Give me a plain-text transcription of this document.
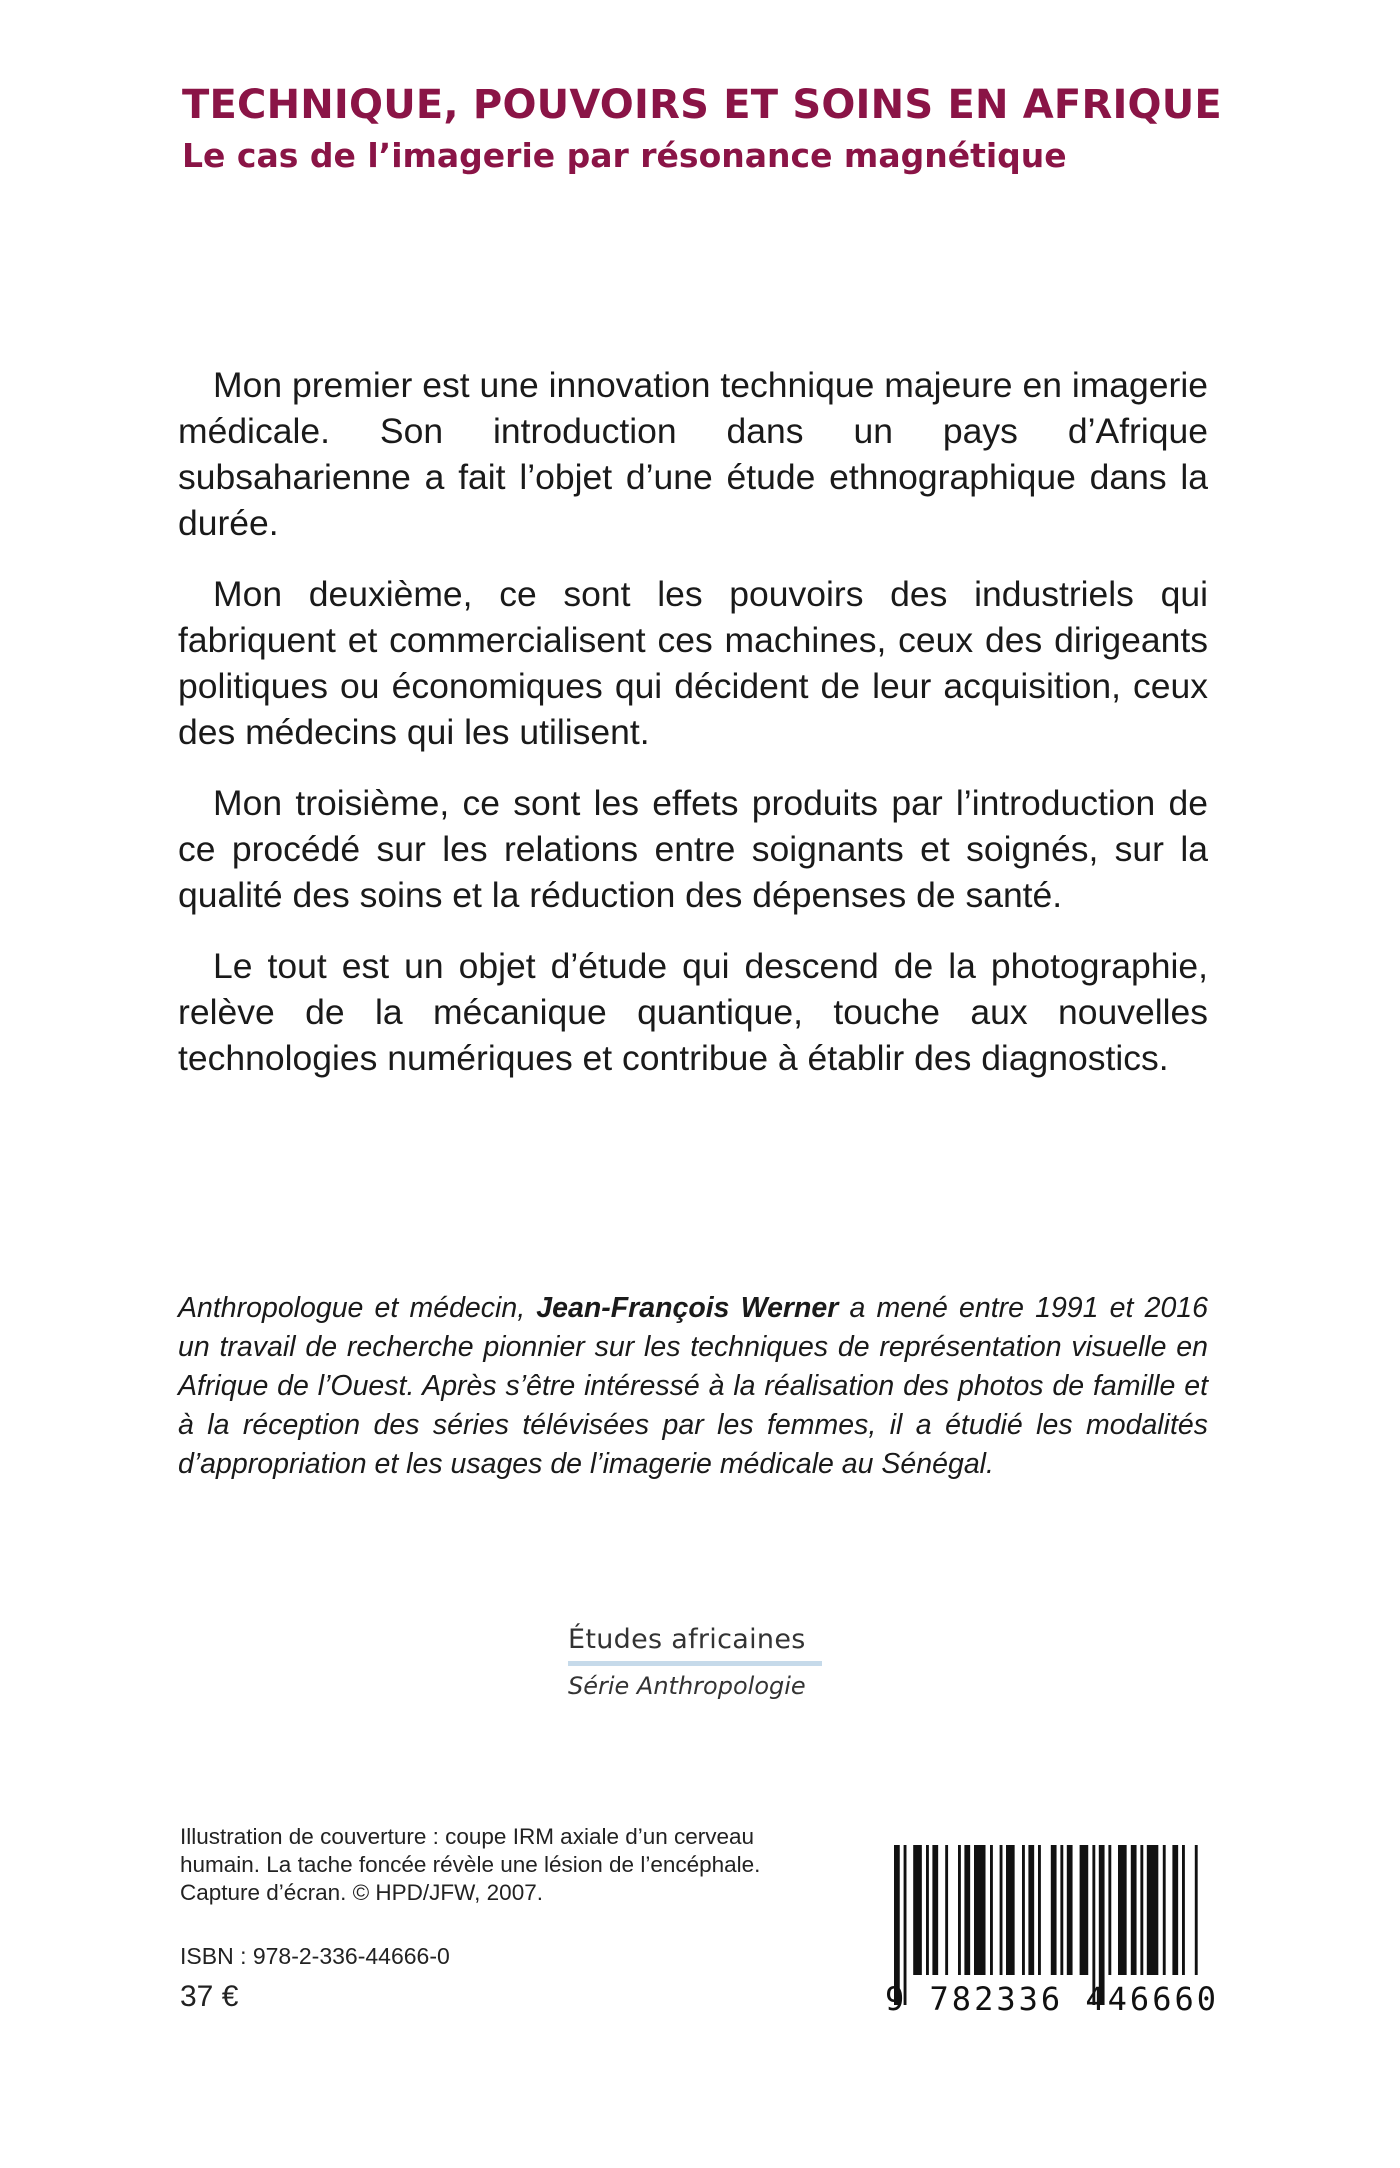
TECHNIQUE, POUVOIRS ET SOINS EN AFRIQUE
Le cas de l’imagerie par résonance magnétique

Mon premier est une innovation technique majeure en imagerie médicale. Son introduction dans un pays d’Afrique subsaharienne a fait l’objet d’une étude ethnographique dans la durée.

Mon deuxième, ce sont les pouvoirs des industriels qui fabriquent et commercialisent ces machines, ceux des dirigeants politiques ou économiques qui décident de leur acquisition, ceux des médecins qui les utilisent.

Mon troisième, ce sont les effets produits par l’introduction de ce procédé sur les relations entre soignants et soignés, sur la qualité des soins et la réduction des dépenses de santé.

Le tout est un objet d’étude qui descend de la photographie, relève de la mécanique quantique, touche aux nouvelles technologies numériques et contribue à établir des diagnostics.

Anthropologue et médecin, Jean-François Werner a mené entre 1991 et 2016 un travail de recherche pionnier sur les techniques de représentation visuelle en Afrique de l’Ouest. Après s’être intéressé à la réalisation des photos de famille et à la réception des séries télévisées par les femmes, il a étudié les modalités d’appropriation et les usages de l’imagerie médicale au Sénégal.

Études africaines
Série Anthropologie

Illustration de couverture : coupe IRM axiale d’un cerveau humain. La tache foncée révèle une lésion de l’encéphale. Capture d’écran. © HPD/JFW, 2007.

ISBN : 978-2-336-44666-0

37 €	9 782336 446660
